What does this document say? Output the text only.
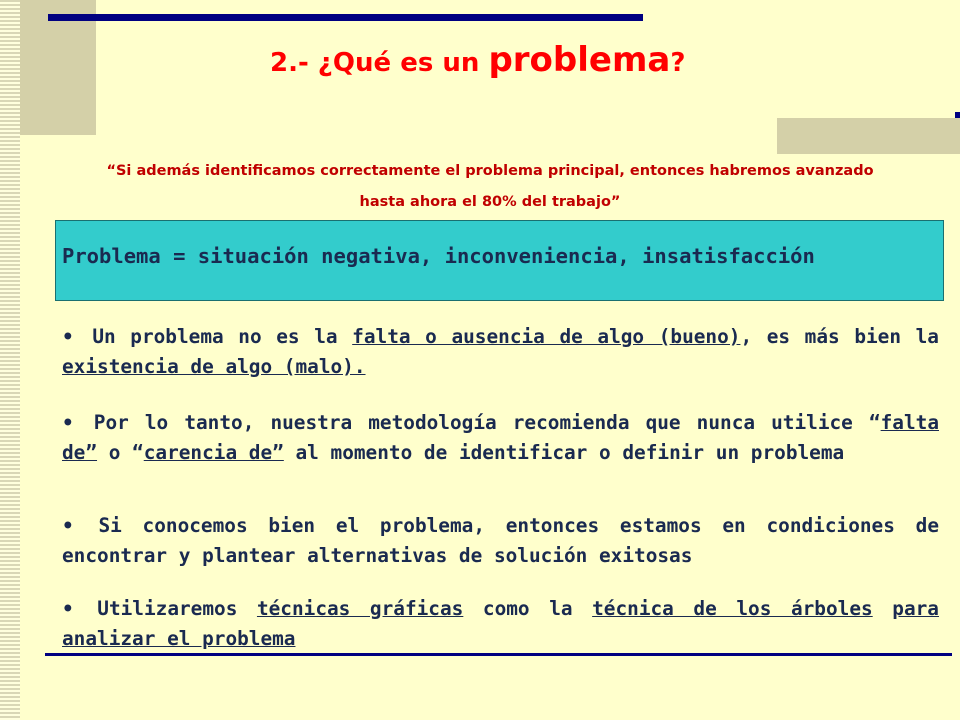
2.- ¿Qué es un problema?
“Si además identificamos correctamente el problema principal, entonces habremos avanzado
hasta ahora el 80% del trabajo”
Problema = situación negativa, inconveniencia, insatisfacción
• Un problema no es la falta o ausencia de algo (bueno), es más bien la existencia de algo (malo).
• Por lo tanto, nuestra metodología recomienda que nunca utilice “falta de” o “carencia de” al momento de identificar o definir un problema
• Si conocemos bien el problema, entonces estamos en condiciones de encontrar y plantear alternativas de solución exitosas
• Utilizaremos técnicas gráficas como la técnica de los árboles para analizar el problema
